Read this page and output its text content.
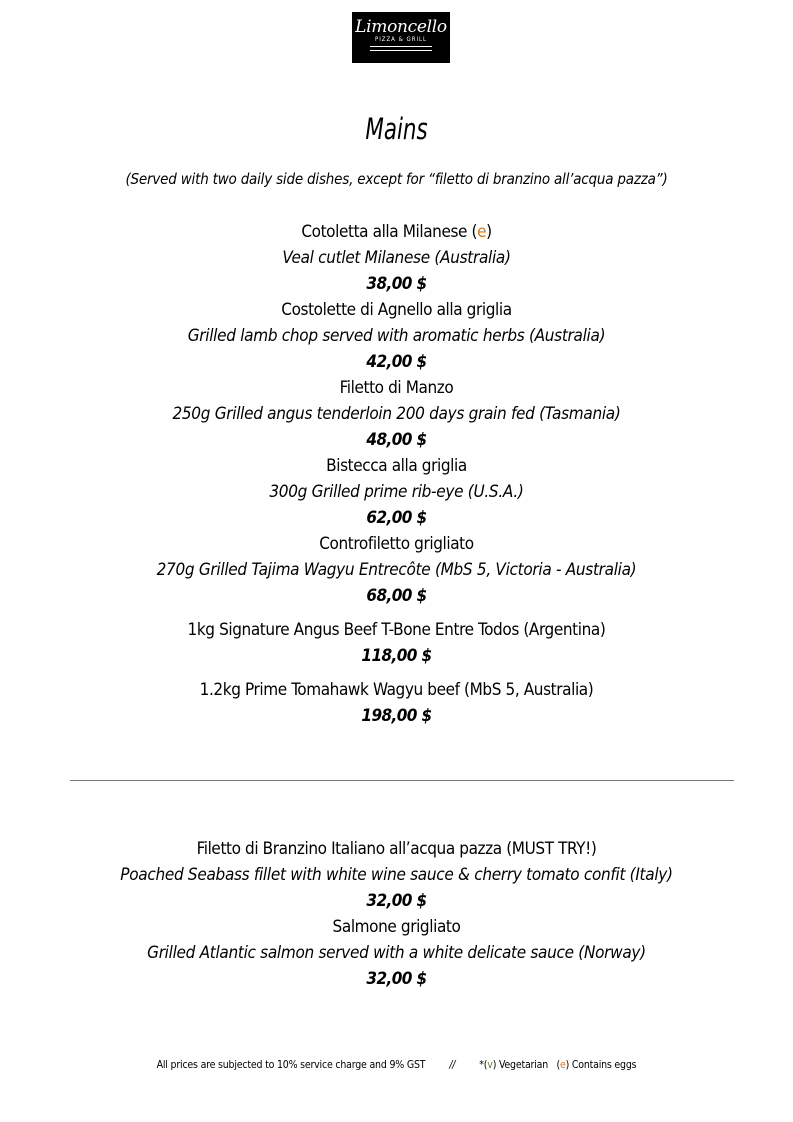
Limoncello
PIZZA & GRILL
Mains
(Served with two daily side dishes, except for “filetto di branzino all’acqua pazza”)
Cotoletta alla Milanese (e)
Veal cutlet Milanese (Australia)
38,00 $
Costolette di Agnello alla griglia
Grilled lamb chop served with aromatic herbs (Australia)
42,00 $
Filetto di Manzo
250g Grilled angus tenderloin 200 days grain fed (Tasmania)
48,00 $
Bistecca alla griglia
300g Grilled prime rib-eye (U.S.A.)
62,00 $
Controfiletto grigliato
270g Grilled Tajima Wagyu Entrecôte (MbS 5, Victoria - Australia)
68,00 $
1kg Signature Angus Beef T-Bone Entre Todos (Argentina)
118,00 $
1.2kg Prime Tomahawk Wagyu beef (MbS 5, Australia)
198,00 $
Filetto di Branzino Italiano all’acqua pazza (MUST TRY!)
Poached Seabass fillet with white wine sauce & cherry tomato confit (Italy)
32,00 $
Salmone grigliato
Grilled Atlantic salmon served with a white delicate sauce (Norway)
32,00 $
All prices are subjected to 10% service charge and 9% GST // *(v) Vegetarian (e) Contains eggs
